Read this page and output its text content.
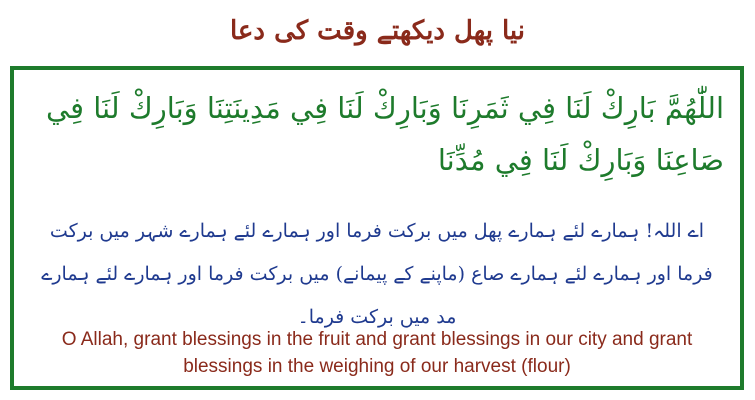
نیا پھل دیکھتے وقت کی دعا
اللّٰھُمَّ بَارِكْ لَنَا فِي ثَمَرِنَا وَبَارِكْ لَنَا فِي مَدِينَتِنَا وَبَارِكْ لَنَا فِي صَاعِنَا وَبَارِكْ لَنَا فِي مُدِّنَا
اے اللہ! ہمارے لئے ہمارے پھل میں برکت فرما اور ہمارے لئے ہمارے شہر میں برکت فرما اور ہمارے لئے ہمارے صاع (ماپنے کے پیمانے) میں برکت فرما اور ہمارے لئے ہمارے مد میں برکت فرما۔
O Allah, grant blessings in the fruit and grant blessings in our city and grant blessings in the weighing of our harvest (flour)
